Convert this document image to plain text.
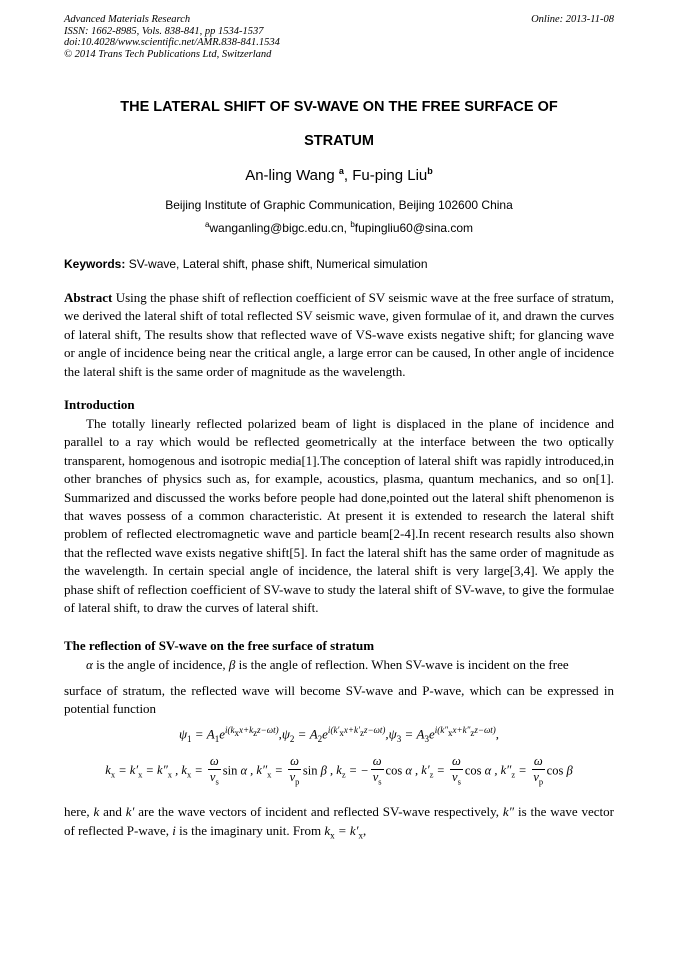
Advanced Materials Research
ISSN: 1662-8985, Vols. 838-841, pp 1534-1537
doi:10.4028/www.scientific.net/AMR.838-841.1534
© 2014 Trans Tech Publications Ltd, Switzerland
Online: 2013-11-08
THE LATERAL SHIFT OF SV-WAVE ON THE FREE SURFACE OF
STRATUM
An-ling Wang $^a$, Fu-ping Liu$^b$
Beijing Institute of Graphic Communication, Beijing 102600 China
$^a$wanganling@bigc.edu.cn, $^b$fupingliu60@sina.com
Keywords: SV-wave, Lateral shift, phase shift, Numerical simulation

Abstract Using the phase shift of reflection coefficient of SV seismic wave at the free surface of stratum, we derived the lateral shift of total reflected SV seismic wave, given formulae of it, and drawn the curves of lateral shift, The results show that reflected wave of VS-wave exists negative shift; for glancing wave or angle of incidence being near the critical angle, a large error can be caused, In other angle of incidence the lateral shift is the same order of magnitude as the wavelength.

Introduction

The totally linearly reflected polarized beam of light is displaced in the plane of incidence and parallel to a ray which would be reflected geometrically at the interface between the two optically transparent, homogenous and isotropic media[1].The conception of lateral shift was rapidly introduced,in other branches of physics such as, for example, acoustics, plasma, quantum mechanics, and so on[1]. Summarized and discussed the works before people had done,pointed out the lateral shift phenomenon is that waves possess of a common characteristic. At present it is extended to research the lateral shift problem of reflected electromagnetic wave and particle beam[2-4].In recent research results also shown that the reflected wave exists negative shift[5]. In fact the lateral shift has the same order of magnitude as the wavelength. In certain special angle of incidence, the lateral shift is very large[3,4]. We apply the phase shift of reflection coefficient of SV-wave to study the lateral shift of SV-wave, to give the formulae of lateral shift, to draw the curves of lateral shift.

The reflection of SV-wave on the free surface of stratum

α is the angle of incidence, β is the angle of reflection. When SV-wave is incident on the free

surface of stratum, the reflected wave will become SV-wave and P-wave, which can be expressed in potential function

$\psi_1 = A_1e^{i(k_xx+k_zz-\omega t)},\psi_2 = A_2e^{i(k'_xx+k'_zz-\omega t)},\psi_3 = A_3e^{i(k''_xx+k''_zz-\omega t)}$,
$k_x = k'_x = k''_x$ , $k_x = \frac{\omega}{v_s}$ sin α , $k''_x = \frac{\omega}{v_p}$ sin β , $k_z$ = − $\frac{\omega}{v_s}$ cos α , $k'_z = \frac{\omega}{v_s}$ cos α , $k''_z = \frac{\omega}{v_p}$ cos β

here, k and k′ are the wave vectors of incident and reflected SV-wave respectively, k″ is the wave vector of reflected P-wave, i is the imaginary unit. From $k_x = k'_x$,
